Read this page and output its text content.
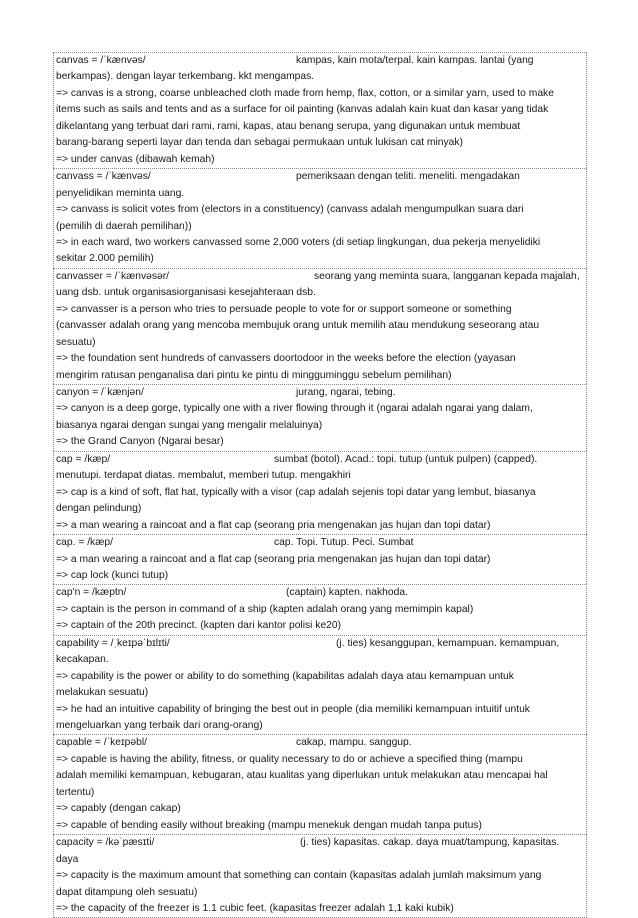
canvas = /ˈkænvəs/	kampas, kain mota/terpal. kain kampas. lantai (yang
berkampas). dengan layar terkembang. kkt mengampas.
=> canvas is a strong, coarse unbleached cloth made from hemp, flax, cotton, or a similar yarn, used to make
items such as sails and tents and as a surface for oil painting (kanvas adalah kain kuat dan kasar yang tidak
dikelantang yang terbuat dari rami, rami, kapas, atau benang serupa, yang digunakan untuk membuat
barang-barang seperti layar dan tenda dan sebagai permukaan untuk lukisan cat minyak)
=> under canvas (dibawah kemah)
canvass = /ˈkænvəs/	pemeriksaan dengan teliti. meneliti. mengadakan
penyelidikan meminta uang.
=> canvass is solicit votes from (electors in a constituency) (canvass adalah mengumpulkan suara dari
(pemilih di daerah pemilihan))
=> in each ward, two workers canvassed some 2,000 voters (di setiap lingkungan, dua pekerja menyelidiki
sekitar 2.000 pemilih)
canvasser = /ˈkænvəsər/	seorang yang meminta suara, langganan kepada majalah,
uang dsb. untuk organisasiorganisasi kesejahteraan dsb.
=> canvasser is a person who tries to persuade people to vote for or support someone or something
(canvasser adalah orang yang mencoba membujuk orang untuk memilih atau mendukung seseorang atau
sesuatu)
=> the foundation sent hundreds of canvassers doortodoor in the weeks before the election (yayasan
mengirim ratusan penganalisa dari pintu ke pintu di mingguminggu sebelum pemilihan)
canyon = /ˈkænjən/	jurang, ngarai, tebing.
=> canyon is a deep gorge, typically one with a river flowing through it (ngarai adalah ngarai yang dalam,
biasanya ngarai dengan sungai yang mengalir melaluinya)
=> the Grand Canyon (Ngarai besar)
cap = /kæp/	sumbat (botol). Acad.: topi. tutup (untuk pulpen) (capped).
menutupi. terdapat diatas. membalut, memberi tutup. mengakhiri
=> cap is a kind of soft, flat hat, typically with a visor (cap adalah sejenis topi datar yang lembut, biasanya
dengan pelindung)
=> a man wearing a raincoat and a flat cap (seorang pria mengenakan jas hujan dan topi datar)
cap. = /kæp/	cap. Topi. Tutup. Peci. Sumbat
=> a man wearing a raincoat and a flat cap (seorang pria mengenakan jas hujan dan topi datar)
=> cap lock (kunci tutup)
cap'n = /kæptn/	(captain) kapten. nakhoda.
=> captain is the person in command of a ship (kapten adalah orang yang memimpin kapal)
=> captain of the 20th precinct. (kapten dari kantor polisi ke20)
capability = /ˌkeɪpəˈbɪlɪti/	(j. ties) kesanggupan, kemampuan. kemampuan,
kecakapan.
=> capability is the power or ability to do something (kapabilitas adalah daya atau kemampuan untuk
melakukan sesuatu)
=> he had an intuitive capability of bringing the best out in people (dia memiliki kemampuan intuitif untuk
mengeluarkan yang terbaik dari orang-orang)
capable = /ˈkeɪpəbl/	cakap, mampu. sanggup.
=> capable is having the ability, fitness, or quality necessary to do or achieve a specified thing (mampu
adalah memiliki kemampuan, kebugaran, atau kualitas yang diperlukan untuk melakukan atau mencapai hal
tertentu)
=> capably (dengan cakap)
=> capable of bending easily without breaking (mampu menekuk dengan mudah tanpa putus)
capacity = /kəˈpæsɪti/	(j. ties) kapasitas. cakap. daya muat/tampung, kapasitas.
daya
=> capacity is the maximum amount that something can contain (kapasitas adalah jumlah maksimum yang
dapat ditampung oleh sesuatu)
=> the capacity of the freezer is 1.1 cubic feet. (kapasitas freezer adalah 1,1 kaki kubik)
